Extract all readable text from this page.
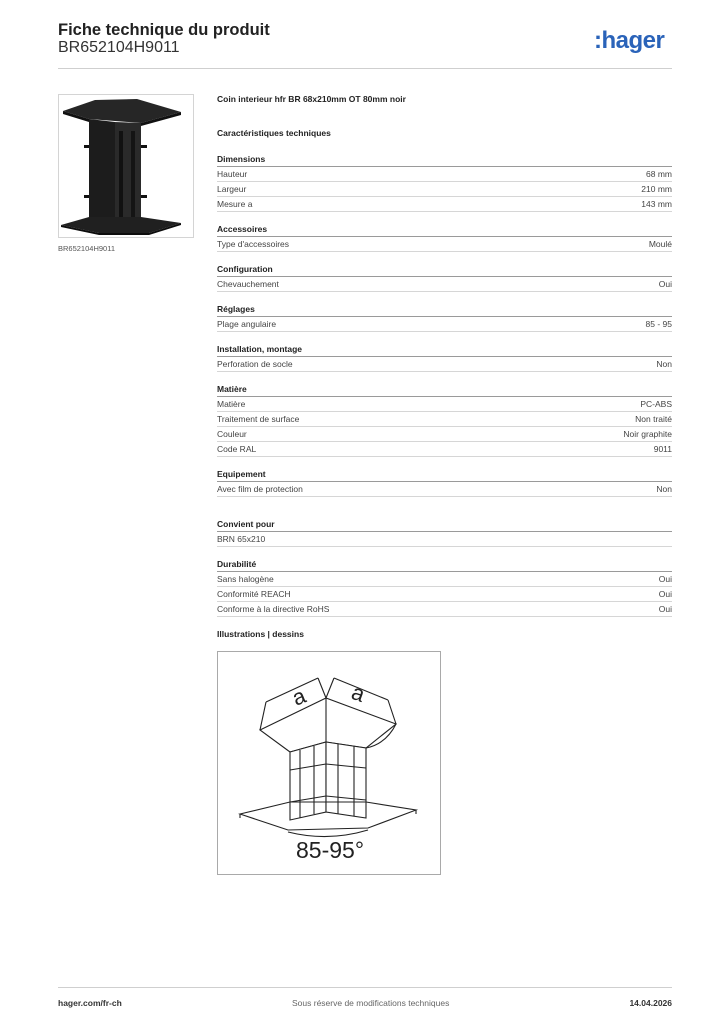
Fiche technique du produit
BR652104H9011	:hager
BR652104H9011
Coin interieur hfr BR 68x210mm OT 80mm noir
Caractéristiques techniques
Dimensions
Hauteur	68 mm
Largeur	210 mm
Mesure a	143 mm
Accessoires
Type d'accessoires	Moulé
Configuration
Chevauchement	Oui
Réglages
Plage angulaire	85 - 95
Installation, montage
Perforation de socle	Non
Matière
Matière	PC-ABS
Traitement de surface	Non traité
Couleur	Noir graphite
Code RAL	9011
Equipement
Avec film de protection	Non
Convient pour
BRN 65x210
Durabilité
Sans halogène	Oui
Conformité REACH	Oui
Conforme à la directive RoHS	Oui
Illustrations | dessins
a a
85-95°
hager.com/fr-ch	Sous réserve de modifications techniques	14.04.2026
